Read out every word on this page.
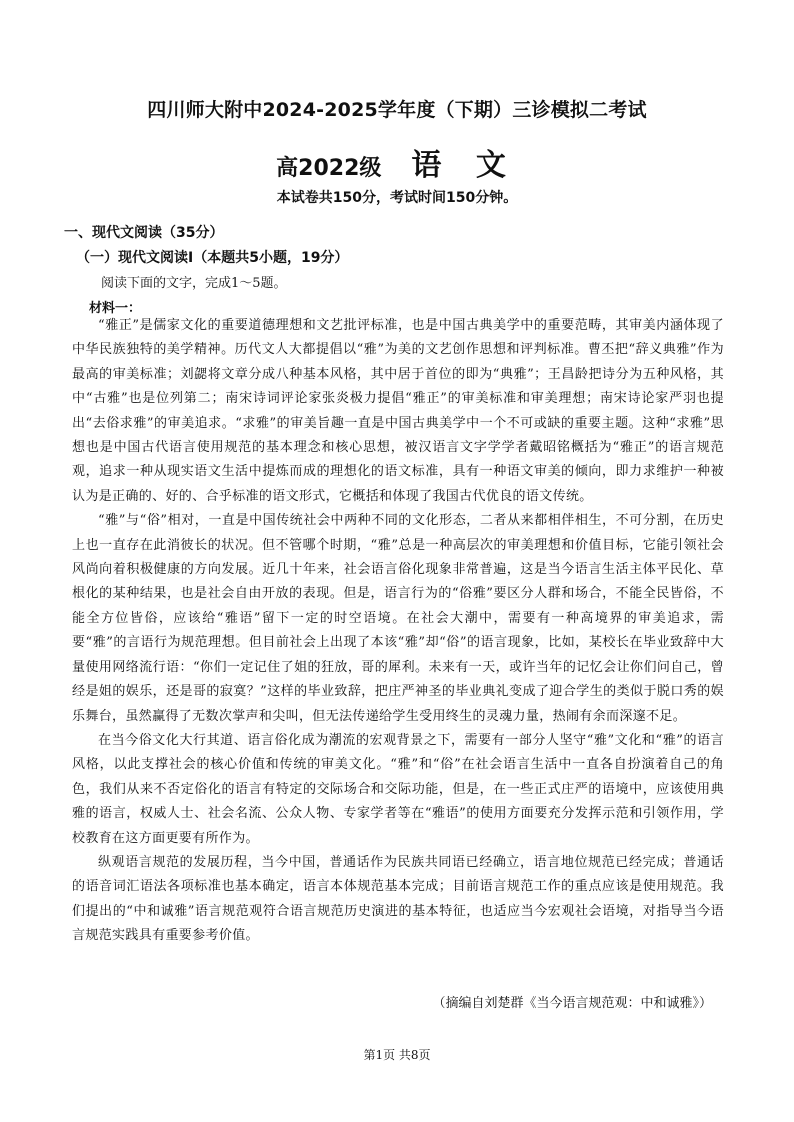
四川师大附中2024-2025学年度（下期）三诊模拟二考试
高2022级 语 文
本试卷共150分，考试时间150分钟。
一、现代文阅读（35分）
（一）现代文阅读Ⅰ（本题共5小题，19分）
阅读下面的文字，完成1～5题。
材料一：

“雅正”是儒家文化的重要道德理想和文艺批评标准，也是中国古典美学中的重要范畴，其审美内涵体现了中华民族独特的美学精神。历代文人大都提倡以“雅”为美的文艺创作思想和评判标准。曹丕把“辞义典雅”作为最高的审美标准；刘勰将文章分成八种基本风格，其中居于首位的即为“典雅”；王昌龄把诗分为五种风格，其中“古雅”也是位列第二；南宋诗词评论家张炎极力提倡“雅正”的审美标准和审美理想；南宋诗论家严羽也提出“去俗求雅”的审美追求。“求雅”的审美旨趣一直是中国古典美学中一个不可或缺的重要主题。这种“求雅”思想也是中国古代语言使用规范的基本理念和核心思想，被汉语言文字学学者戴昭铭概括为“雅正”的语言规范观，追求一种从现实语文生活中提炼而成的理想化的语文标准，具有一种语文审美的倾向，即力求维护一种被认为是正确的、好的、合乎标准的语文形式，它概括和体现了我国古代优良的语文传统。

“雅”与“俗”相对，一直是中国传统社会中两种不同的文化形态，二者从来都相伴相生，不可分割，在历史上也一直存在此消彼长的状况。但不管哪个时期，“雅”总是一种高层次的审美理想和价值目标，它能引领社会风尚向着积极健康的方向发展。近几十年来，社会语言俗化现象非常普遍，这是当今语言生活主体平民化、草根化的某种结果，也是社会自由开放的表现。但是，语言行为的“俗雅”要区分人群和场合，不能全民皆俗，不能全方位皆俗，应该给“雅语”留下一定的时空语境。在社会大潮中，需要有一种高境界的审美追求，需要“雅”的言语行为规范理想。但目前社会上出现了本该“雅”却“俗”的语言现象，比如，某校长在毕业致辞中大量使用网络流行语：“你们一定记住了姐的狂放，哥的犀利。未来有一天，或许当年的记忆会让你们问自己，曾经是姐的娱乐，还是哥的寂寞？”这样的毕业致辞，把庄严神圣的毕业典礼变成了迎合学生的类似于脱口秀的娱乐舞台，虽然赢得了无数次掌声和尖叫，但无法传递给学生受用终生的灵魂力量，热闹有余而深邃不足。

在当今俗文化大行其道、语言俗化成为潮流的宏观背景之下，需要有一部分人坚守“雅”文化和“雅”的语言风格，以此支撑社会的核心价值和传统的审美文化。“雅”和“俗”在社会语言生活中一直各自扮演着自己的角色，我们从来不否定俗化的语言有特定的交际场合和交际功能，但是，在一些正式庄严的语境中，应该使用典雅的语言，权威人士、社会名流、公众人物、专家学者等在“雅语”的使用方面要充分发挥示范和引领作用，学校教育在这方面更要有所作为。

纵观语言规范的发展历程，当今中国，普通话作为民族共同语已经确立，语言地位规范已经完成；普通话的语音词汇语法各项标准也基本确定，语言本体规范基本完成；目前语言规范工作的重点应该是使用规范。我们提出的“中和诚雅”语言规范观符合语言规范历史演进的基本特征，也适应当今宏观社会语境，对指导当今语言规范实践具有重要参考价值。

（摘编自刘楚群《当今语言规范观：中和诚雅》）
第1页 共8页
